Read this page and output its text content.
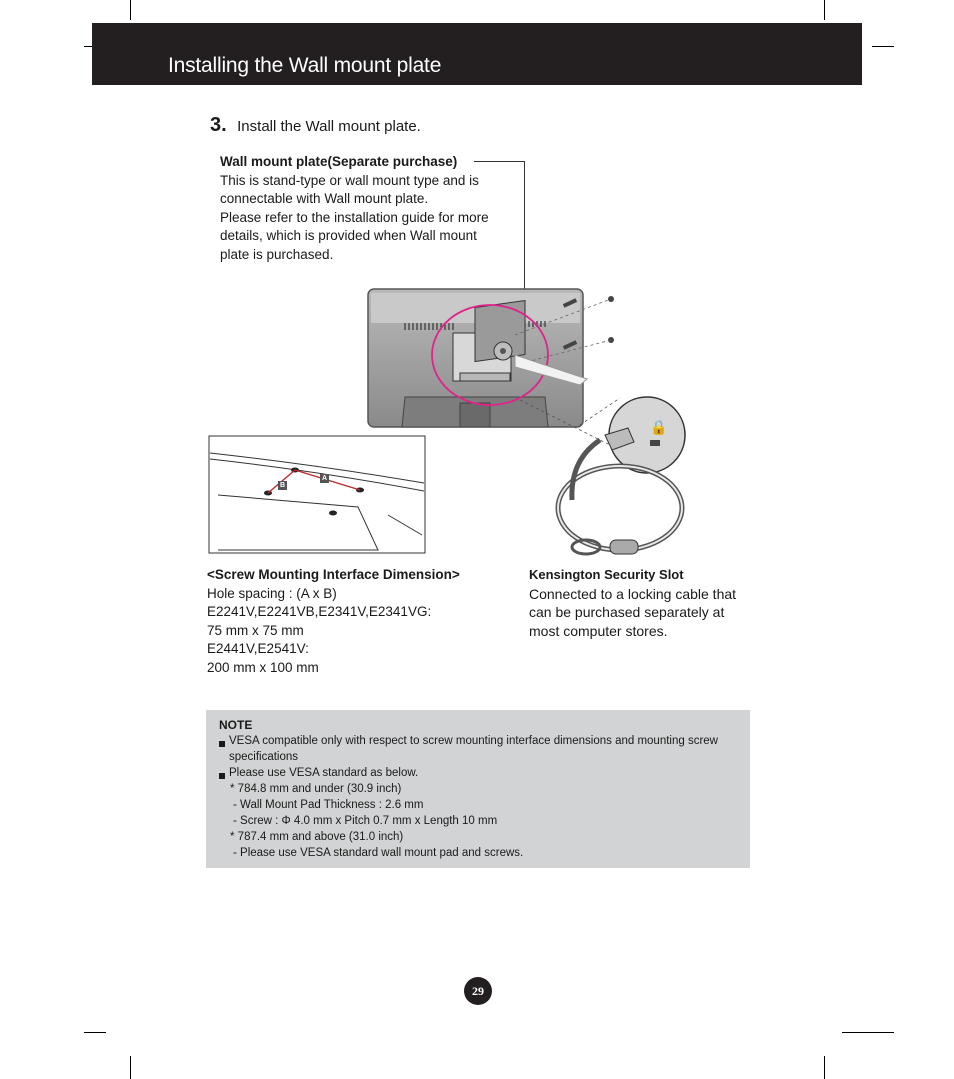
Installing the Wall mount plate
3. Install the Wall mount plate.
Wall mount plate(Separate purchase)
This is stand-type or wall mount type and is
connectable with Wall mount plate.
Please refer to the installation guide for more
details, which is provided when Wall mount
plate is purchased.
🔒
A
B
<Screw Mounting Interface Dimension>
Hole spacing : (A x B)
E2241V,E2241VB,E2341V,E2341VG:
75 mm x 75 mm
E2441V,E2541V:
200 mm x 100 mm
Kensington Security Slot
Connected to a locking cable that
can be purchased separately at
most computer stores.
NOTE
VESA compatible only with respect to screw mounting interface dimensions and mounting screw
specifications
Please use VESA standard as below.
* 784.8 mm and under (30.9 inch)
- Wall Mount Pad Thickness : 2.6 mm
- Screw : Φ 4.0 mm x Pitch 0.7 mm x Length 10 mm
* 787.4 mm and above (31.0 inch)
- Please use VESA standard wall mount pad and screws.
29
